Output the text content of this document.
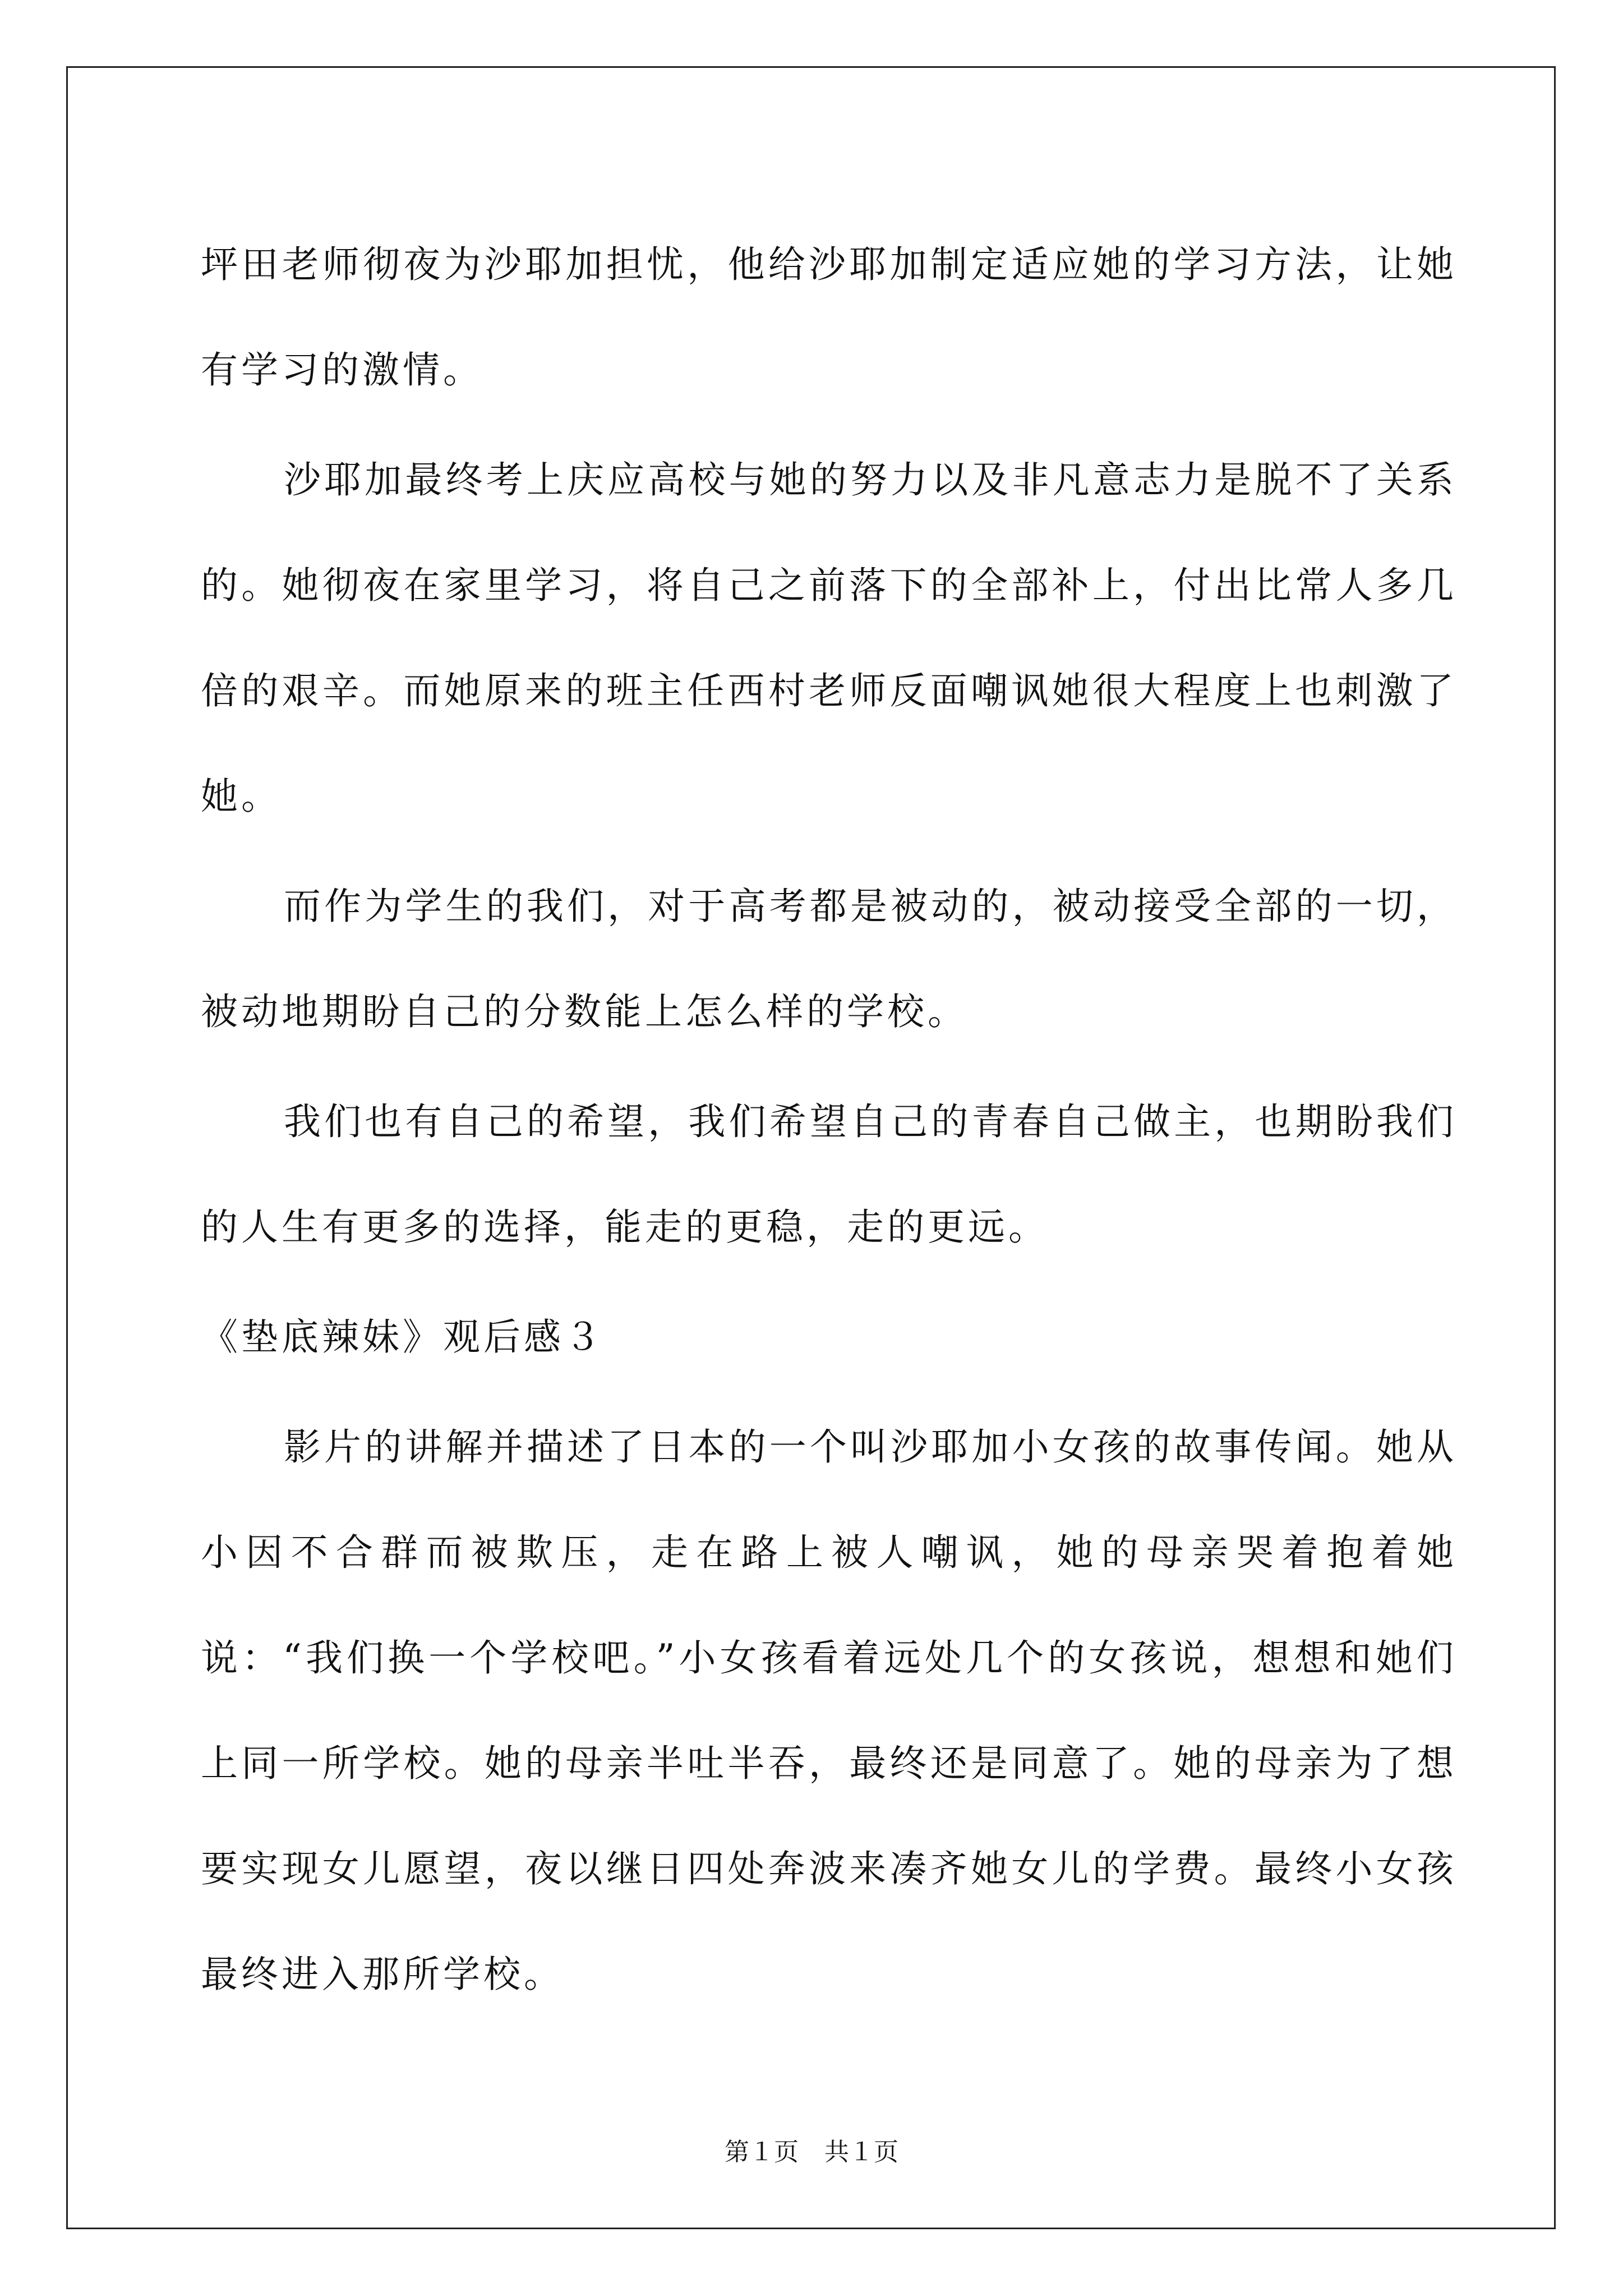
坪田老师彻夜为沙耶加担忧，他给沙耶加制定适应她的学习方法，让她有学习的激情。

沙耶加最终考上庆应高校与她的努力以及非凡意志力是脱不了关系的。她彻夜在家里学习，将自己之前落下的全部补上，付出比常人多几倍的艰辛。而她原来的班主任西村老师反面嘲讽她很大程度上也刺激了她。

而作为学生的我们，对于高考都是被动的，被动接受全部的一切，被动地期盼自己的分数能上怎么样的学校。

我们也有自己的希望，我们希望自己的青春自己做主，也期盼我们的人生有更多的选择，能走的更稳，走的更远。

《垫底辣妹》观后感３

影片的讲解并描述了日本的一个叫沙耶加小女孩的故事传闻。她从小因不合群而被欺压，走在路上被人嘲讽，她的母亲哭着抱着她说：“我们换一个学校吧。”小女孩看着远处几个的女孩说，想想和她们上同一所学校。她的母亲半吐半吞，最终还是同意了。她的母亲为了想要实现女儿愿望，夜以继日四处奔波来凑齐她女儿的学费。最终小女孩最终进入那所学校。

第１页 共１页
